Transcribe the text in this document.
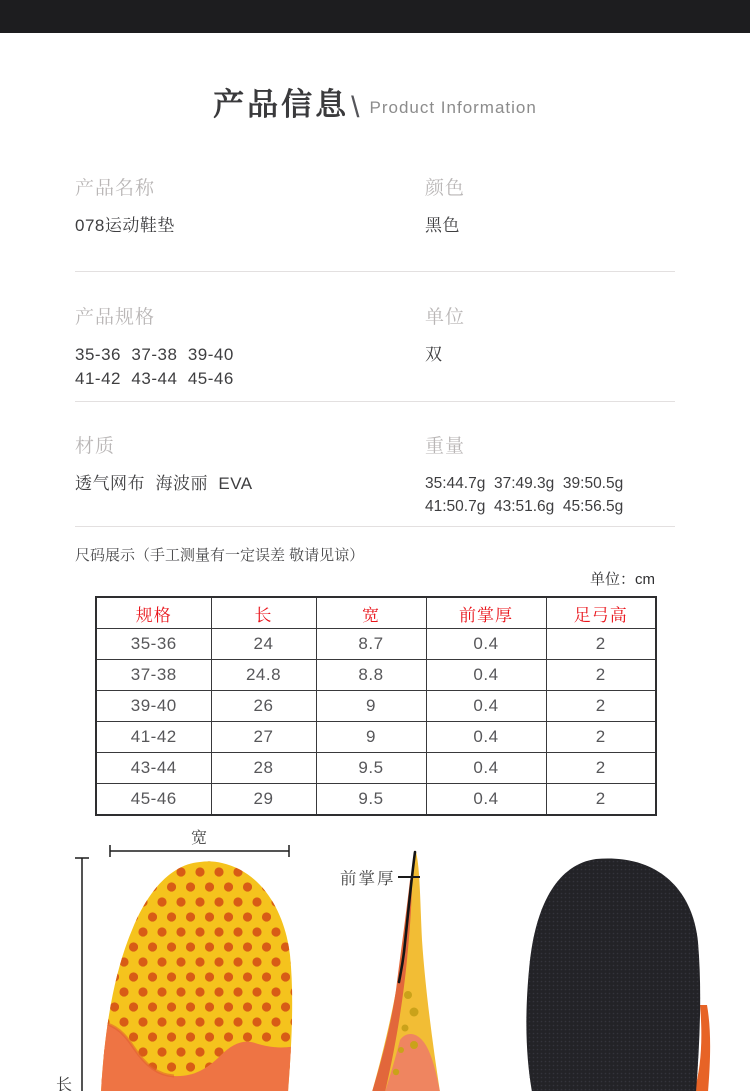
产品信息\ Product Information
产品名称
078运动鞋垫
颜色
黑色
产品规格
35-36  37-38  39-40
41-42  43-44  45-46
单位
双
材质
透气网布  海波丽  EVA
重量
35:44.7g  37:49.3g  39:50.5g
41:50.7g  43:51.6g  45:56.5g
尺码展示（手工测量有一定误差 敬请见谅）
单位：cm
规格	长	宽	前掌厚	足弓高
35-36	24	8.7	0.4	2
37-38	24.8	8.8	0.4	2
39-40	26	9	0.4	2
41-42	27	9	0.4	2
43-44	28	9.5	0.4	2
45-46	29	9.5	0.4	2
宽
长
前掌厚
